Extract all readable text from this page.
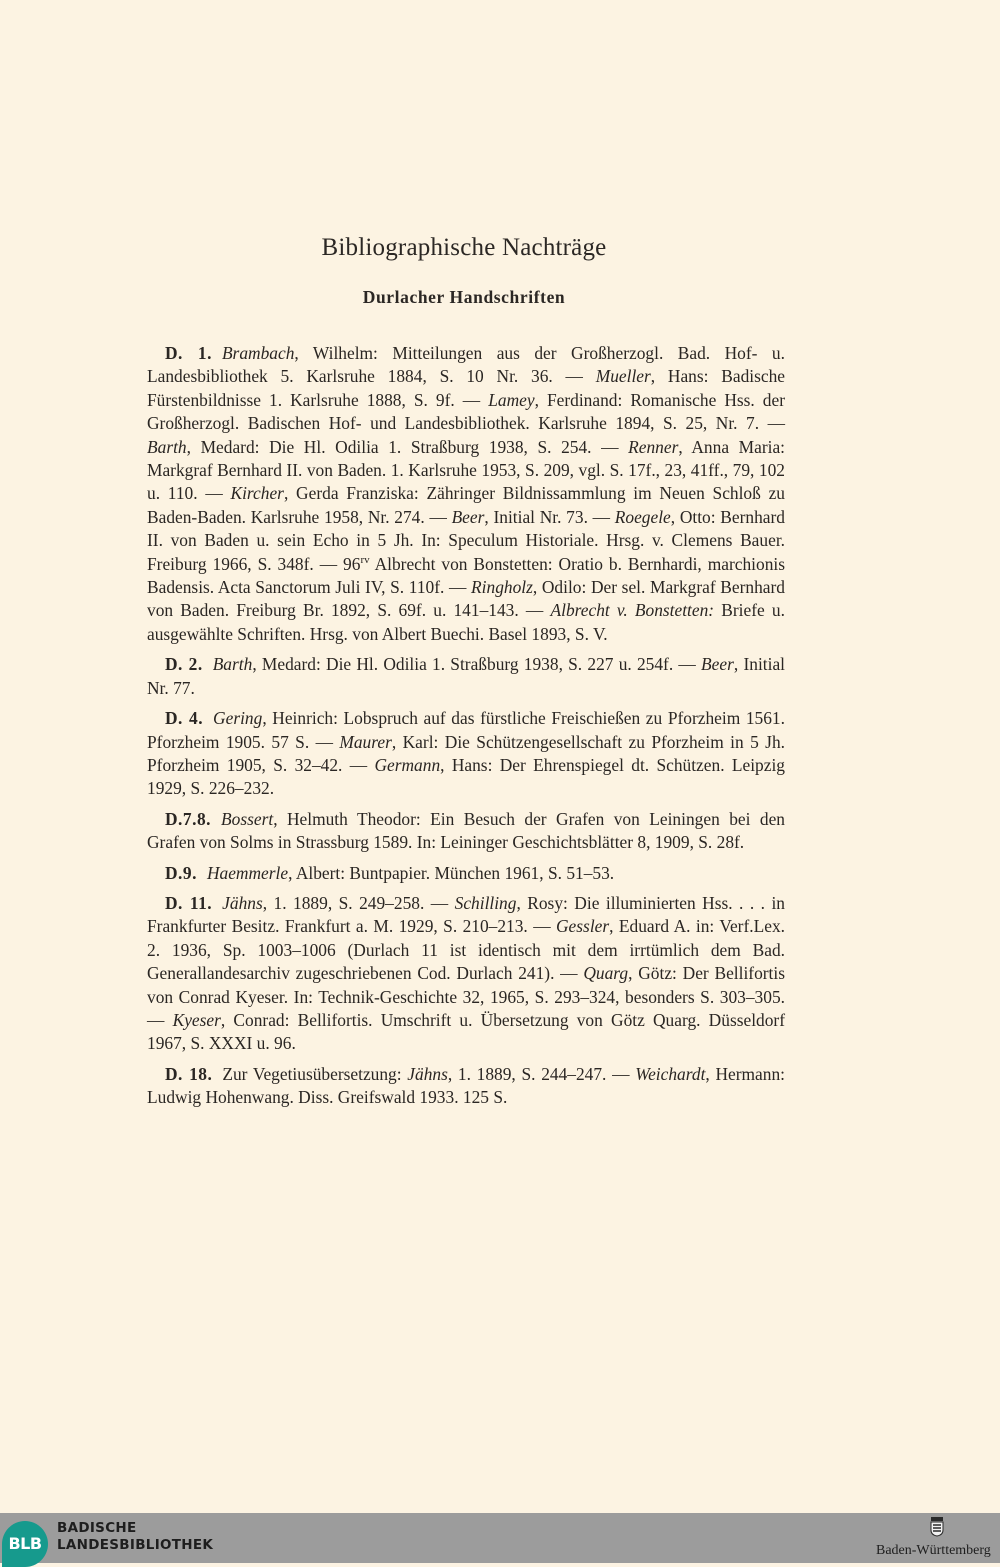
Bibliographische Nachträge
Durlacher Handschriften

D. 1. Brambach, Wilhelm: Mitteilungen aus der Großherzogl. Bad. Hof- u. Landesbibliothek 5. Karlsruhe 1884, S. 10 Nr. 36. — Mueller, Hans: Badische Fürstenbildnisse 1. Karlsruhe 1888, S. 9f. — Lamey, Ferdinand: Romanische Hss. der Großherzogl. Badischen Hof- und Landesbibliothek. Karlsruhe 1894, S. 25, Nr. 7. — Barth, Medard: Die Hl. Odilia 1. Straßburg 1938, S. 254. — Renner, Anna Maria: Markgraf Bernhard II. von Baden. 1. Karlsruhe 1953, S. 209, vgl. S. 17f., 23, 41ff., 79, 102 u. 110. — Kircher, Gerda Franziska: Zähringer Bildnissammlung im Neuen Schloß zu Baden-Baden. Karlsruhe 1958, Nr. 274. — Beer, Initial Nr. 73. — Roegele, Otto: Bernhard II. von Baden u. sein Echo in 5 Jh. In: Speculum Historiale. Hrsg. v. Clemens Bauer. Freiburg 1966, S. 348f. — $96^{rv}$ Albrecht von Bonstetten: Oratio b. Bernhardi, marchionis Badensis. Acta Sanctorum Juli IV, S. 110f. — Ringholz, Odilo: Der sel. Markgraf Bernhard von Baden. Freiburg Br. 1892, S. 69f. u. 141–143. — Albrecht v. Bonstetten: Briefe u. ausgewählte Schriften. Hrsg. von Albert Buechi. Basel 1893, S. V.

D. 2. Barth, Medard: Die Hl. Odilia 1. Straßburg 1938, S. 227 u. 254f. — Beer, Initial Nr. 77.

D. 4. Gering, Heinrich: Lobspruch auf das fürstliche Freischießen zu Pforzheim 1561. Pforzheim 1905. 57 S. — Maurer, Karl: Die Schützengesellschaft zu Pforzheim in 5 Jh. Pforzheim 1905, S. 32–42. — Germann, Hans: Der Ehrenspiegel dt. Schützen. Leipzig 1929, S. 226–232.

D.7.8. Bossert, Helmuth Theodor: Ein Besuch der Grafen von Leiningen bei den Grafen von Solms in Strassburg 1589. In: Leininger Geschichtsblätter 8, 1909, S. 28f.

D.9. Haemmerle, Albert: Buntpapier. München 1961, S. 51–53.

D. 11. Jähns, 1. 1889, S. 249–258. — Schilling, Rosy: Die illuminierten Hss. . . . in Frankfurter Besitz. Frankfurt a. M. 1929, S. 210–213. — Gessler, Eduard A. in: Verf.Lex. 2. 1936, Sp. 1003–1006 (Durlach 11 ist identisch mit dem irrtümlich dem Bad. Generallandesarchiv zugeschriebenen Cod. Durlach 241). — Quarg, Götz: Der Bellifortis von Conrad Kyeser. In: Technik-Geschichte 32, 1965, S. 293–324, besonders S. 303–305. — Kyeser, Conrad: Bellifortis. Umschrift u. Übersetzung von Götz Quarg. Düsseldorf 1967, S. XXXI u. 96.

D. 18. Zur Vegetiusübersetzung: Jähns, 1. 1889, S. 244–247. — Weichardt, Hermann: Ludwig Hohenwang. Diss. Greifswald 1933. 125 S.

BLB
BADISCHE
LANDESBIBLIOTHEK	Baden-Württemberg
